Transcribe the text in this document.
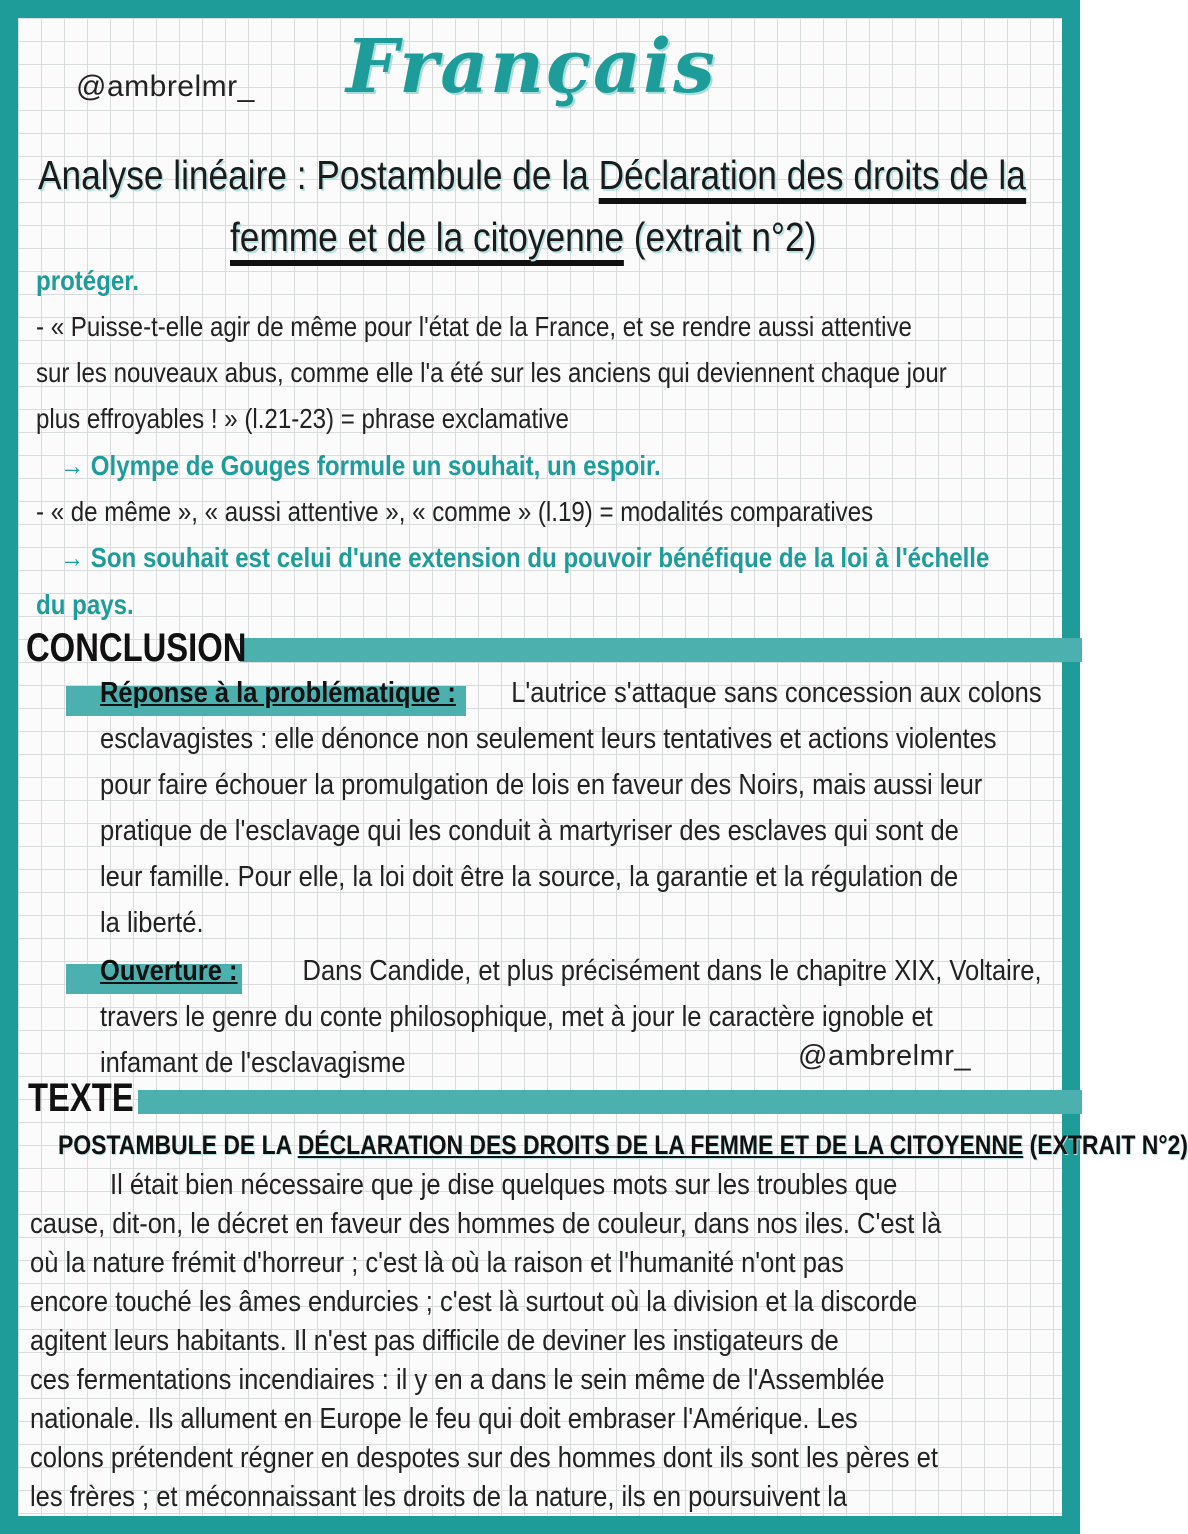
@ambrelmr_ Français
Analyse linéaire : Postambule de la Déclaration des droits de la
femme et de la citoyenne (extrait n°2)
protéger.
- « Puisse-t-elle agir de même pour l'état de la France, et se rendre aussi attentive
sur les nouveaux abus, comme elle l'a été sur les anciens qui deviennent chaque jour
plus effroyables ! » (l.21-23) = phrase exclamative
→ Olympe de Gouges formule un souhait, un espoir.
- « de même », « aussi attentive », « comme » (l.19) = modalités comparatives
→ Son souhait est celui d'une extension du pouvoir bénéfique de la loi à l'échelle
du pays.
CONCLUSION
Réponse à la problématique :	L'autrice s'attaque sans concession aux colons
esclavagistes : elle dénonce non seulement leurs tentatives et actions violentes
pour faire échouer la promulgation de lois en faveur des Noirs, mais aussi leur
pratique de l'esclavage qui les conduit à martyriser des esclaves qui sont de
leur famille. Pour elle, la loi doit être la source, la garantie et la régulation de
la liberté.
Ouverture :	Dans Candide, et plus précisément dans le chapitre XIX, Voltaire,
travers le genre du conte philosophique, met à jour le caractère ignoble et
infamant de l'esclavagisme	@ambrelmr_
TEXTE
POSTAMBULE DE LA DÉCLARATION DES DROITS DE LA FEMME ET DE LA CITOYENNE (EXTRAIT N°2)
Il était bien nécessaire que je dise quelques mots sur les troubles que
cause, dit-on, le décret en faveur des hommes de couleur, dans nos iles. C'est là
où la nature frémit d'horreur ; c'est là où la raison et l'humanité n'ont pas
encore touché les âmes endurcies ; c'est là surtout où la division et la discorde
agitent leurs habitants. Il n'est pas difficile de deviner les instigateurs de
ces fermentations incendiaires : il y en a dans le sein même de l'Assemblée
nationale. Ils allument en Europe le feu qui doit embraser l'Amérique. Les
colons prétendent régner en despotes sur des hommes dont ils sont les pères et
les frères ; et méconnaissant les droits de la nature, ils en poursuivent la
